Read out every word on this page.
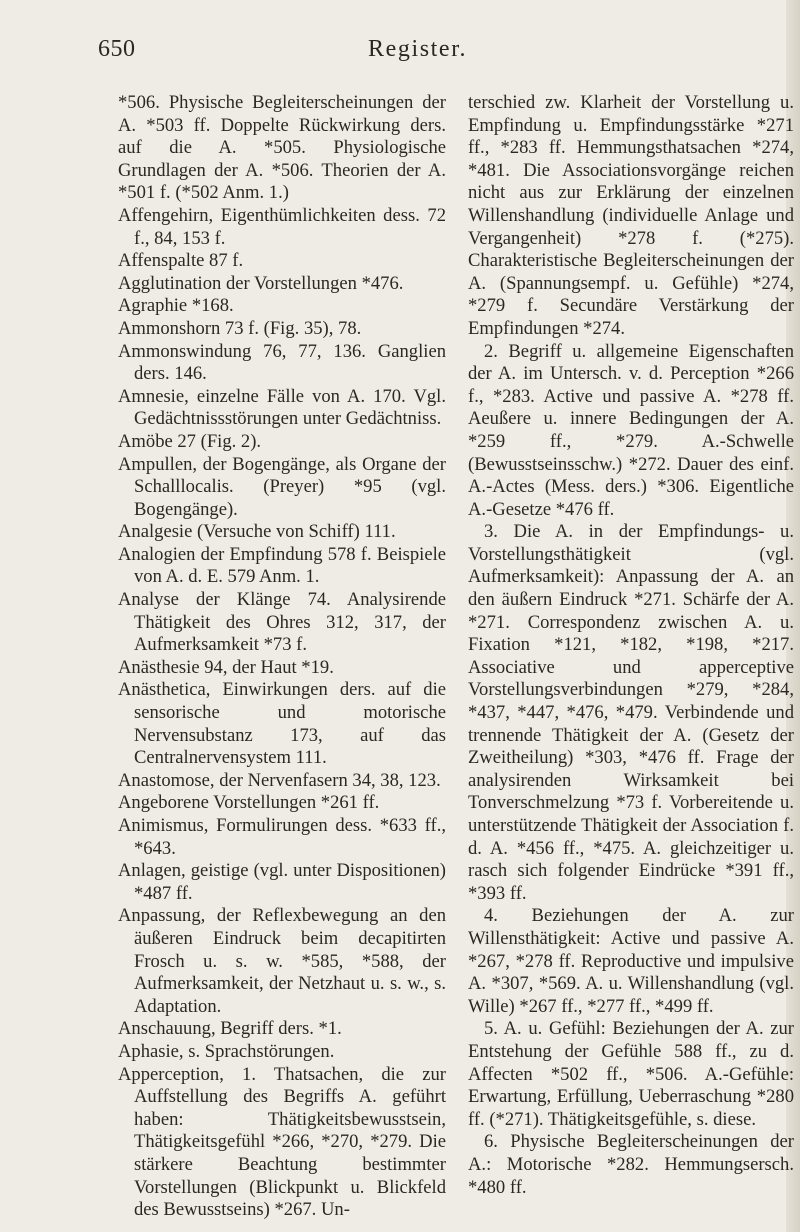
650	Register.

*506. Physische Begleiterscheinungen der A. *503 ff. Doppelte Rückwirkung ders. auf die A. *505. Physiologische Grundlagen der A. *506. Theorien der A. *501 f. (*502 Anm. 1.)

Affengehirn, Eigenthümlichkeiten dess. 72 f., 84, 153 f.

Affenspalte 87 f.

Agglutination der Vorstellungen *476.

Agraphie *168.

Ammonshorn 73 f. (Fig. 35), 78.

Ammonswindung 76, 77, 136. Ganglien ders. 146.

Amnesie, einzelne Fälle von A. 170. Vgl. Gedächtnissstörungen unter Gedächtniss.

Amöbe 27 (Fig. 2).

Ampullen, der Bogengänge, als Organe der Schalllocalis. (Preyer) *95 (vgl. Bogengänge).

Analgesie (Versuche von Schiff) 111.

Analogien der Empfindung 578 f. Beispiele von A. d. E. 579 Anm. 1.

Analyse der Klänge 74. Analysirende Thätigkeit des Ohres 312, 317, der Aufmerksamkeit *73 f.

Anästhesie 94, der Haut *19.

Anästhetica, Einwirkungen ders. auf die sensorische und motorische Nervensubstanz 173, auf das Centralnervensystem 111.

Anastomose, der Nervenfasern 34, 38, 123.

Angeborene Vorstellungen *261 ff.

Animismus, Formulirungen dess. *633 ff., *643.

Anlagen, geistige (vgl. unter Dispositionen) *487 ff.

Anpassung, der Reflexbewegung an den äußeren Eindruck beim decapitirten Frosch u. s. w. *585, *588, der Aufmerksamkeit, der Netzhaut u. s. w., s. Adaptation.

Anschauung, Begriff ders. *1.

Aphasie, s. Sprachstörungen.

Apperception, 1. Thatsachen, die zur Auffstellung des Begriffs A. geführt haben: Thätigkeitsbewusstsein, Thätigkeitsgefühl *266, *270, *279. Die stärkere Beachtung bestimmter Vorstellungen (Blickpunkt u. Blickfeld des Bewusstseins) *267. Un-

terschied zw. Klarheit der Vorstellung u. Empfindung u. Empfindungsstärke *271 ff., *283 ff. Hemmungsthatsachen *274, *481. Die Associationsvorgänge reichen nicht aus zur Erklärung der einzelnen Willenshandlung (individuelle Anlage und Vergangenheit) *278 f. (*275). Charakteristische Begleiterscheinungen der A. (Spannungsempf. u. Gefühle) *274, *279 f. Secundäre Verstärkung der Empfindungen *274.

2. Begriff u. allgemeine Eigenschaften der A. im Untersch. v. d. Perception *266 f., *283. Active und passive A. *278 ff. Aeußere u. innere Bedingungen der A. *259 ff., *279. A.-Schwelle (Bewusstseinsschw.) *272. Dauer des einf. A.-Actes (Mess. ders.) *306. Eigentliche A.-Gesetze *476 ff.

3. Die A. in der Empfindungs- u. Vorstellungsthätigkeit (vgl. Aufmerksamkeit): Anpassung der A. an den äußern Eindruck *271. Schärfe der A. *271. Correspondenz zwischen A. u. Fixation *121, *182, *198, *217. Associative und apperceptive Vorstellungsverbindungen *279, *284, *437, *447, *476, *479. Verbindende und trennende Thätigkeit der A. (Gesetz der Zweitheilung) *303, *476 ff. Frage der analysirenden Wirksamkeit bei Tonverschmelzung *73 f. Vorbereitende u. unterstützende Thätigkeit der Association f. d. A. *456 ff., *475. A. gleichzeitiger u. rasch sich folgender Eindrücke *391 ff., *393 ff.

4. Beziehungen der A. zur Willensthätigkeit: Active und passive A. *267, *278 ff. Reproductive und impulsive A. *307, *569. A. u. Willenshandlung (vgl. Wille) *267 ff., *277 ff., *499 ff.

5. A. u. Gefühl: Beziehungen der A. zur Entstehung der Gefühle 588 ff., zu d. Affecten *502 ff., *506. A.-Gefühle: Erwartung, Erfüllung, Ueberraschung *280 ff. (*271). Thätigkeitsgefühle, s. diese.

6. Physische Begleiterscheinungen der A.: Motorische *282. Hemmungsersch. *480 ff.
